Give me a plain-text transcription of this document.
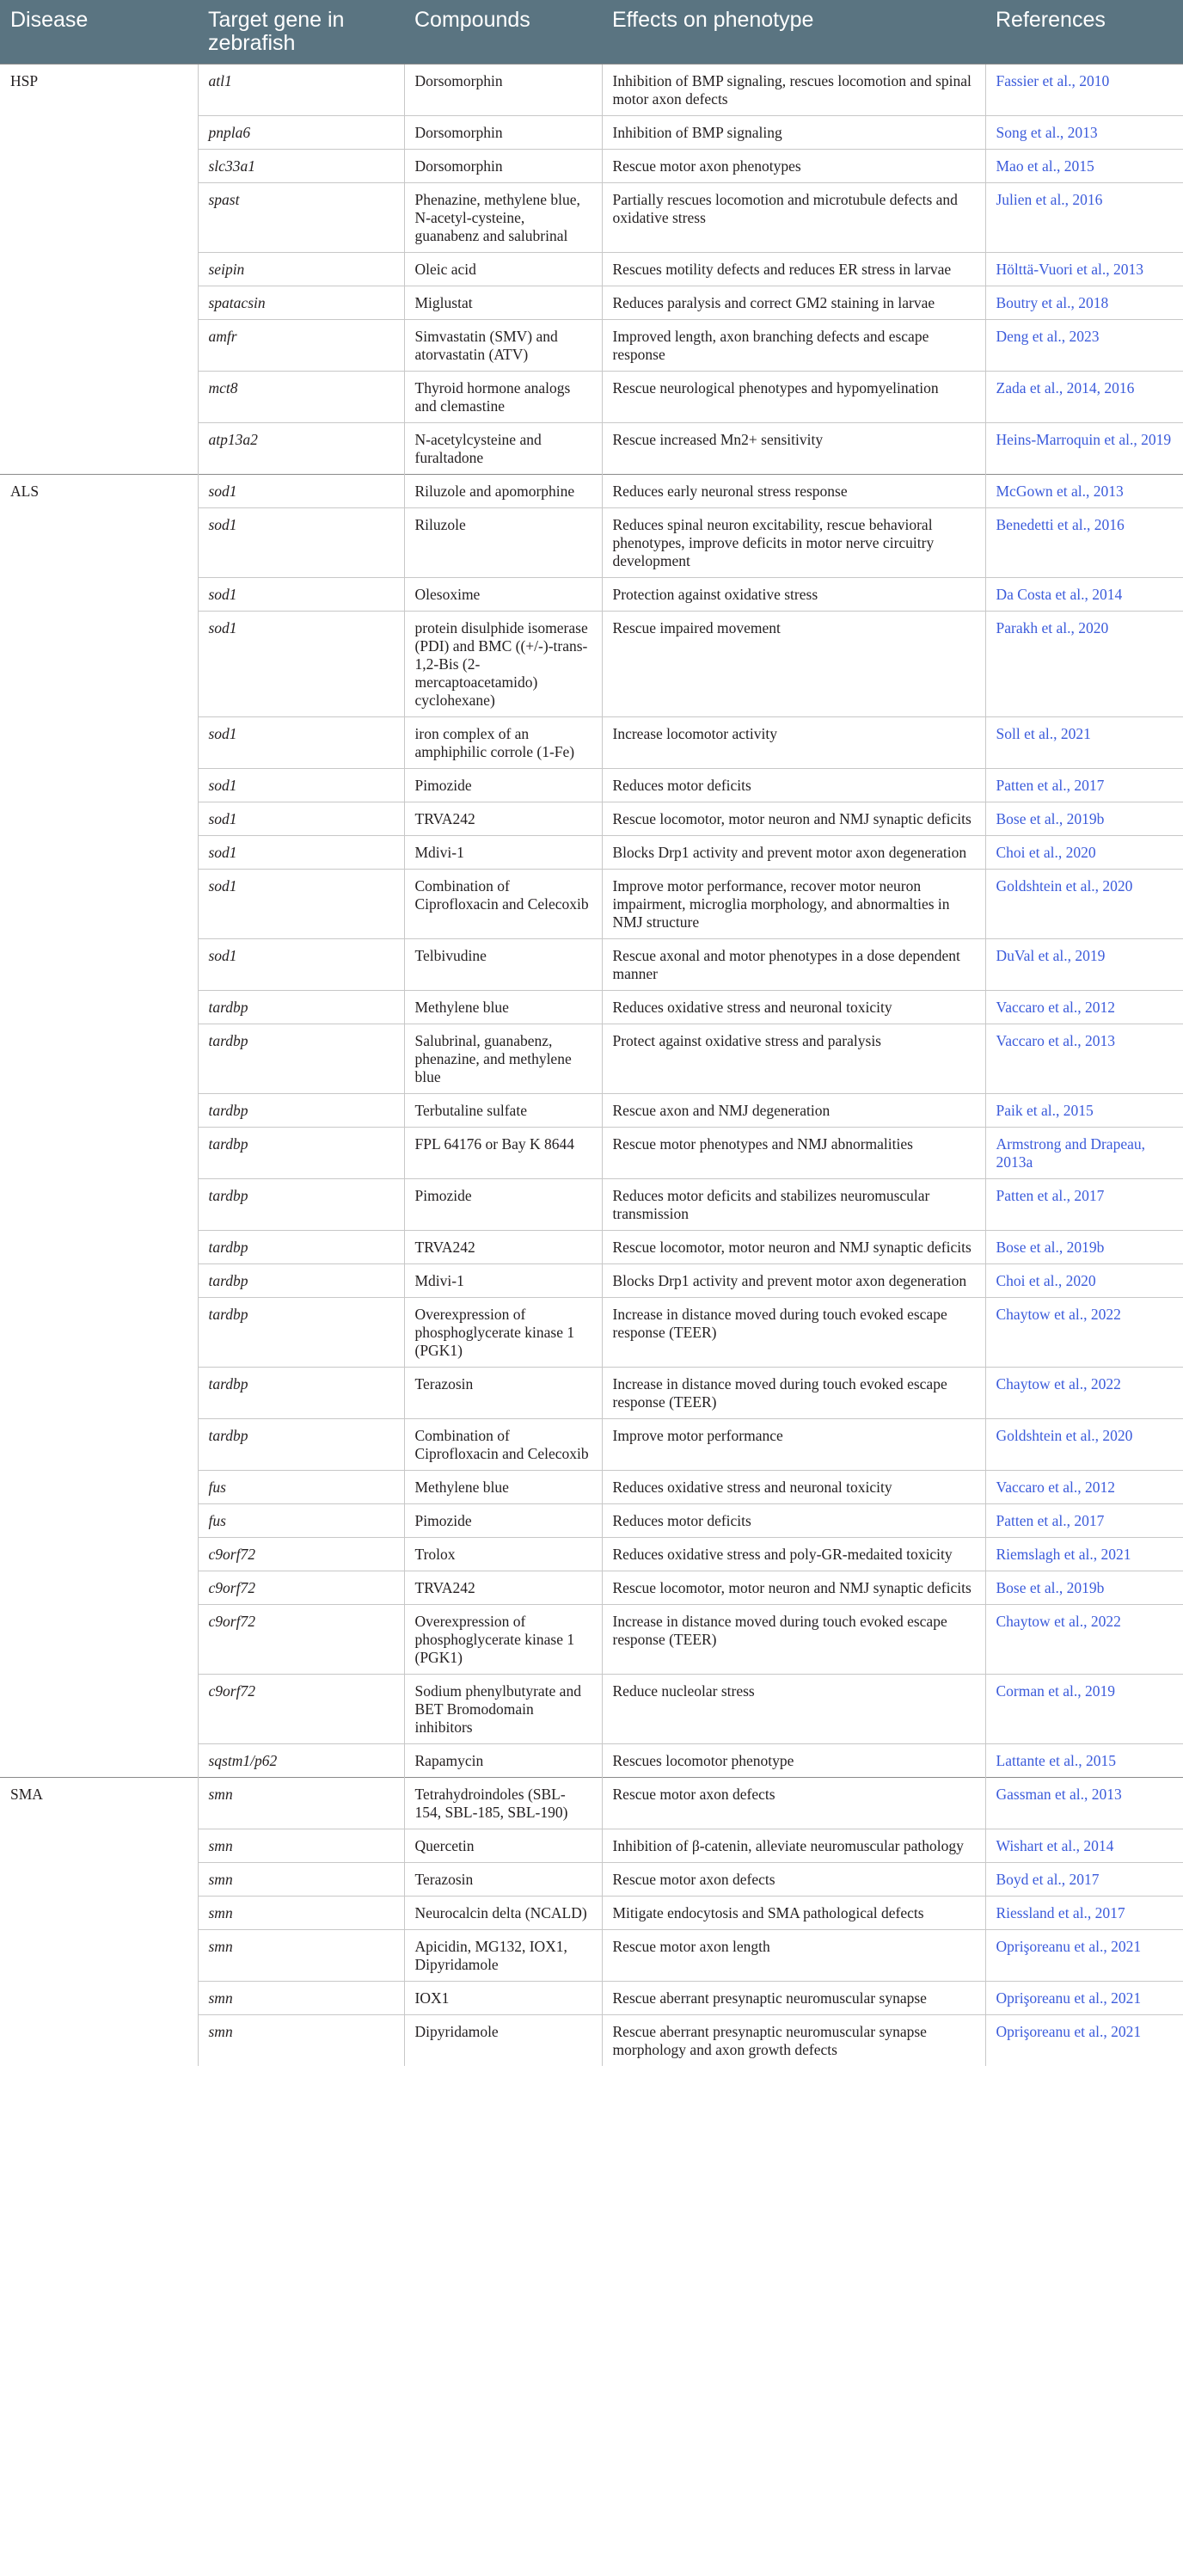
Disease	Target gene in zebrafish	Compounds	Effects on phenotype	References
HSP	atl1	Dorsomorphin	Inhibition of BMP signaling, rescues locomotion and spinal motor axon defects	Fassier et al., 2010
	pnpla6	Dorsomorphin	Inhibition of BMP signaling	Song et al., 2013
	slc33a1	Dorsomorphin	Rescue motor axon phenotypes	Mao et al., 2015
	spast	Phenazine, methylene blue, N-acetyl-cysteine, guanabenz and salubrinal	Partially rescues locomotion and microtubule defects and oxidative stress	Julien et al., 2016
	seipin	Oleic acid	Rescues motility defects and reduces ER stress in larvae	Hölttä-Vuori et al., 2013
	spatacsin	Miglustat	Reduces paralysis and correct GM2 staining in larvae	Boutry et al., 2018
	amfr	Simvastatin (SMV) and atorvastatin (ATV)	Improved length, axon branching defects and escape response	Deng et al., 2023
	mct8	Thyroid hormone analogs and clemastine	Rescue neurological phenotypes and hypomyelination	Zada et al., 2014, 2016
	atp13a2	N-acetylcysteine and furaltadone	Rescue increased Mn2+ sensitivity	Heins-Marroquin et al., 2019
ALS	sod1	Riluzole and apomorphine	Reduces early neuronal stress response	McGown et al., 2013
	sod1	Riluzole	Reduces spinal neuron excitability, rescue behavioral phenotypes, improve deficits in motor nerve circuitry development	Benedetti et al., 2016
	sod1	Olesoxime	Protection against oxidative stress	Da Costa et al., 2014
	sod1	protein disulphide isomerase (PDI) and BMC ((+/-)-trans-1,2-Bis (2-mercaptoacetamido) cyclohexane)	Rescue impaired movement	Parakh et al., 2020
	sod1	iron complex of an amphiphilic corrole (1-Fe)	Increase locomotor activity	Soll et al., 2021
	sod1	Pimozide	Reduces motor deficits	Patten et al., 2017
	sod1	TRVA242	Rescue locomotor, motor neuron and NMJ synaptic deficits	Bose et al., 2019b
	sod1	Mdivi-1	Blocks Drp1 activity and prevent motor axon degeneration	Choi et al., 2020
	sod1	Combination of Ciprofloxacin and Celecoxib	Improve motor performance, recover motor neuron impairment, microglia morphology, and abnormalties in NMJ structure	Goldshtein et al., 2020
	sod1	Telbivudine	Rescue axonal and motor phenotypes in a dose dependent manner	DuVal et al., 2019
	tardbp	Methylene blue	Reduces oxidative stress and neuronal toxicity	Vaccaro et al., 2012
	tardbp	Salubrinal, guanabenz, phenazine, and methylene blue	Protect against oxidative stress and paralysis	Vaccaro et al., 2013
	tardbp	Terbutaline sulfate	Rescue axon and NMJ degeneration	Paik et al., 2015
	tardbp	FPL 64176 or Bay K 8644	Rescue motor phenotypes and NMJ abnormalities	Armstrong and Drapeau, 2013a
	tardbp	Pimozide	Reduces motor deficits and stabilizes neuromuscular transmission	Patten et al., 2017
	tardbp	TRVA242	Rescue locomotor, motor neuron and NMJ synaptic deficits	Bose et al., 2019b
	tardbp	Mdivi-1	Blocks Drp1 activity and prevent motor axon degeneration	Choi et al., 2020
	tardbp	Overexpression of phosphoglycerate kinase 1 (PGK1)	Increase in distance moved during touch evoked escape response (TEER)	Chaytow et al., 2022
	tardbp	Terazosin	Increase in distance moved during touch evoked escape response (TEER)	Chaytow et al., 2022
	tardbp	Combination of Ciprofloxacin and Celecoxib	Improve motor performance	Goldshtein et al., 2020
	fus	Methylene blue	Reduces oxidative stress and neuronal toxicity	Vaccaro et al., 2012
	fus	Pimozide	Reduces motor deficits	Patten et al., 2017
	c9orf72	Trolox	Reduces oxidative stress and poly-GR-medaited toxicity	Riemslagh et al., 2021
	c9orf72	TRVA242	Rescue locomotor, motor neuron and NMJ synaptic deficits	Bose et al., 2019b
	c9orf72	Overexpression of phosphoglycerate kinase 1 (PGK1)	Increase in distance moved during touch evoked escape response (TEER)	Chaytow et al., 2022
	c9orf72	Sodium phenylbutyrate and BET Bromodomain inhibitors	Reduce nucleolar stress	Corman et al., 2019
	sqstm1/p62	Rapamycin	Rescues locomotor phenotype	Lattante et al., 2015
SMA	smn	Tetrahydroindoles (SBL-154, SBL-185, SBL-190)	Rescue motor axon defects	Gassman et al., 2013
	smn	Quercetin	Inhibition of β-catenin, alleviate neuromuscular pathology	Wishart et al., 2014
	smn	Terazosin	Rescue motor axon defects	Boyd et al., 2017
	smn	Neurocalcin delta (NCALD)	Mitigate endocytosis and SMA pathological defects	Riessland et al., 2017
	smn	Apicidin, MG132, IOX1, Dipyridamole	Rescue motor axon length	Oprişoreanu et al., 2021
	smn	IOX1	Rescue aberrant presynaptic neuromuscular synapse	Oprişoreanu et al., 2021
	smn	Dipyridamole	Rescue aberrant presynaptic neuromuscular synapse morphology and axon growth defects	Oprişoreanu et al., 2021
